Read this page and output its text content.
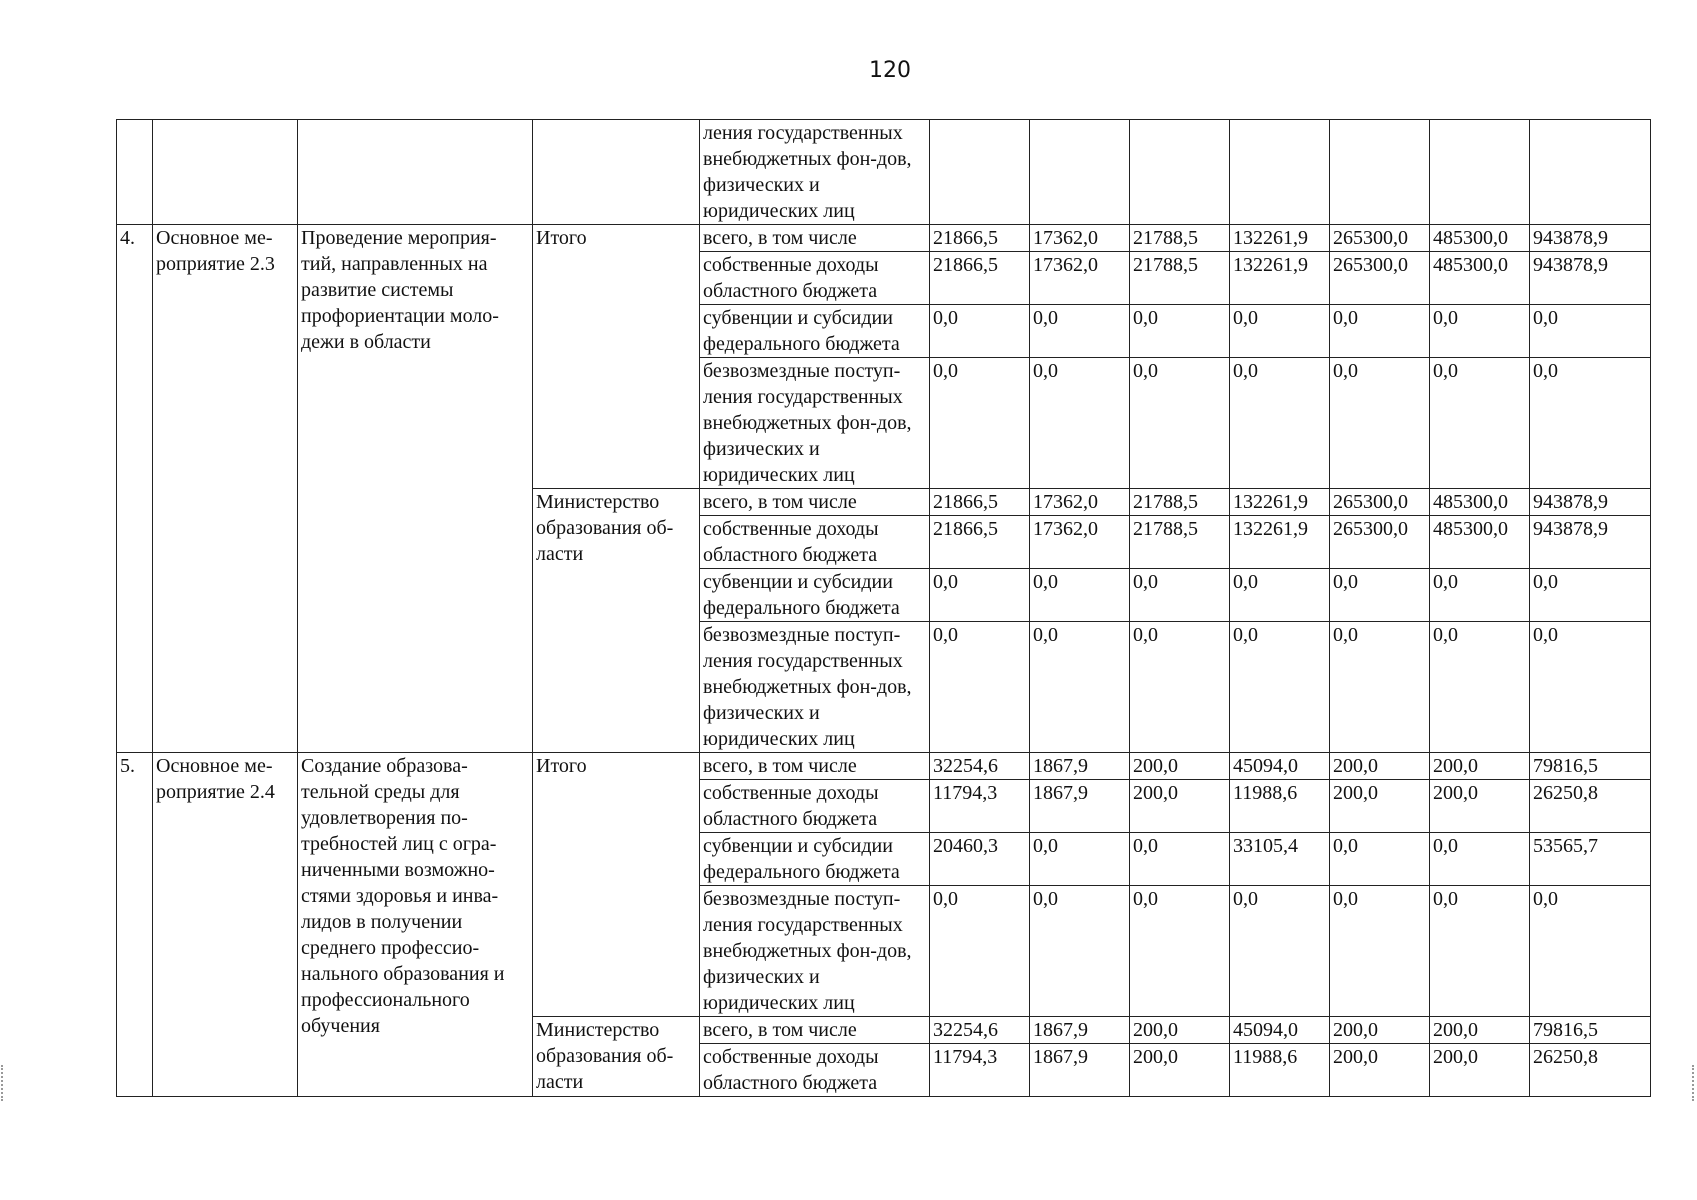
120
				ления государственных внебюджетных фон-дов, физических и юридических лиц							
4.	Основное ме-роприятие 2.3	Проведение мероприя-тий, направленных на развитие системы профориентации моло-дежи в области	Итого	всего, в том числе	21866,5	17362,0	21788,5	132261,9	265300,0	485300,0	943878,9
				собственные доходы областного бюджета	21866,5	17362,0	21788,5	132261,9	265300,0	485300,0	943878,9
				субвенции и субсидии федерального бюджета	0,0	0,0	0,0	0,0	0,0	0,0	0,0
				безвозмездные поступ-ления государственных внебюджетных фон-дов, физических и юридических лиц	0,0	0,0	0,0	0,0	0,0	0,0	0,0
			Министерство образования об-ласти	всего, в том числе	21866,5	17362,0	21788,5	132261,9	265300,0	485300,0	943878,9
				собственные доходы областного бюджета	21866,5	17362,0	21788,5	132261,9	265300,0	485300,0	943878,9
				субвенции и субсидии федерального бюджета	0,0	0,0	0,0	0,0	0,0	0,0	0,0
				безвозмездные поступ-ления государственных внебюджетных фон-дов, физических и юридических лиц	0,0	0,0	0,0	0,0	0,0	0,0	0,0
5.	Основное ме-роприятие 2.4	Создание образова-тельной среды для удовлетворения по-требностей лиц с огра-ниченными возможно-стями здоровья и инва-лидов в получении среднего профессио-нального образования и профессионального обучения	Итого	всего, в том числе	32254,6	1867,9	200,0	45094,0	200,0	200,0	79816,5
				собственные доходы областного бюджета	11794,3	1867,9	200,0	11988,6	200,0	200,0	26250,8
				субвенции и субсидии федерального бюджета	20460,3	0,0	0,0	33105,4	0,0	0,0	53565,7
				безвозмездные поступ-ления государственных внебюджетных фон-дов, физических и юридических лиц	0,0	0,0	0,0	0,0	0,0	0,0	0,0
			Министерство образования об-ласти	всего, в том числе	32254,6	1867,9	200,0	45094,0	200,0	200,0	79816,5
				собственные доходы областного бюджета	11794,3	1867,9	200,0	11988,6	200,0	200,0	26250,8
